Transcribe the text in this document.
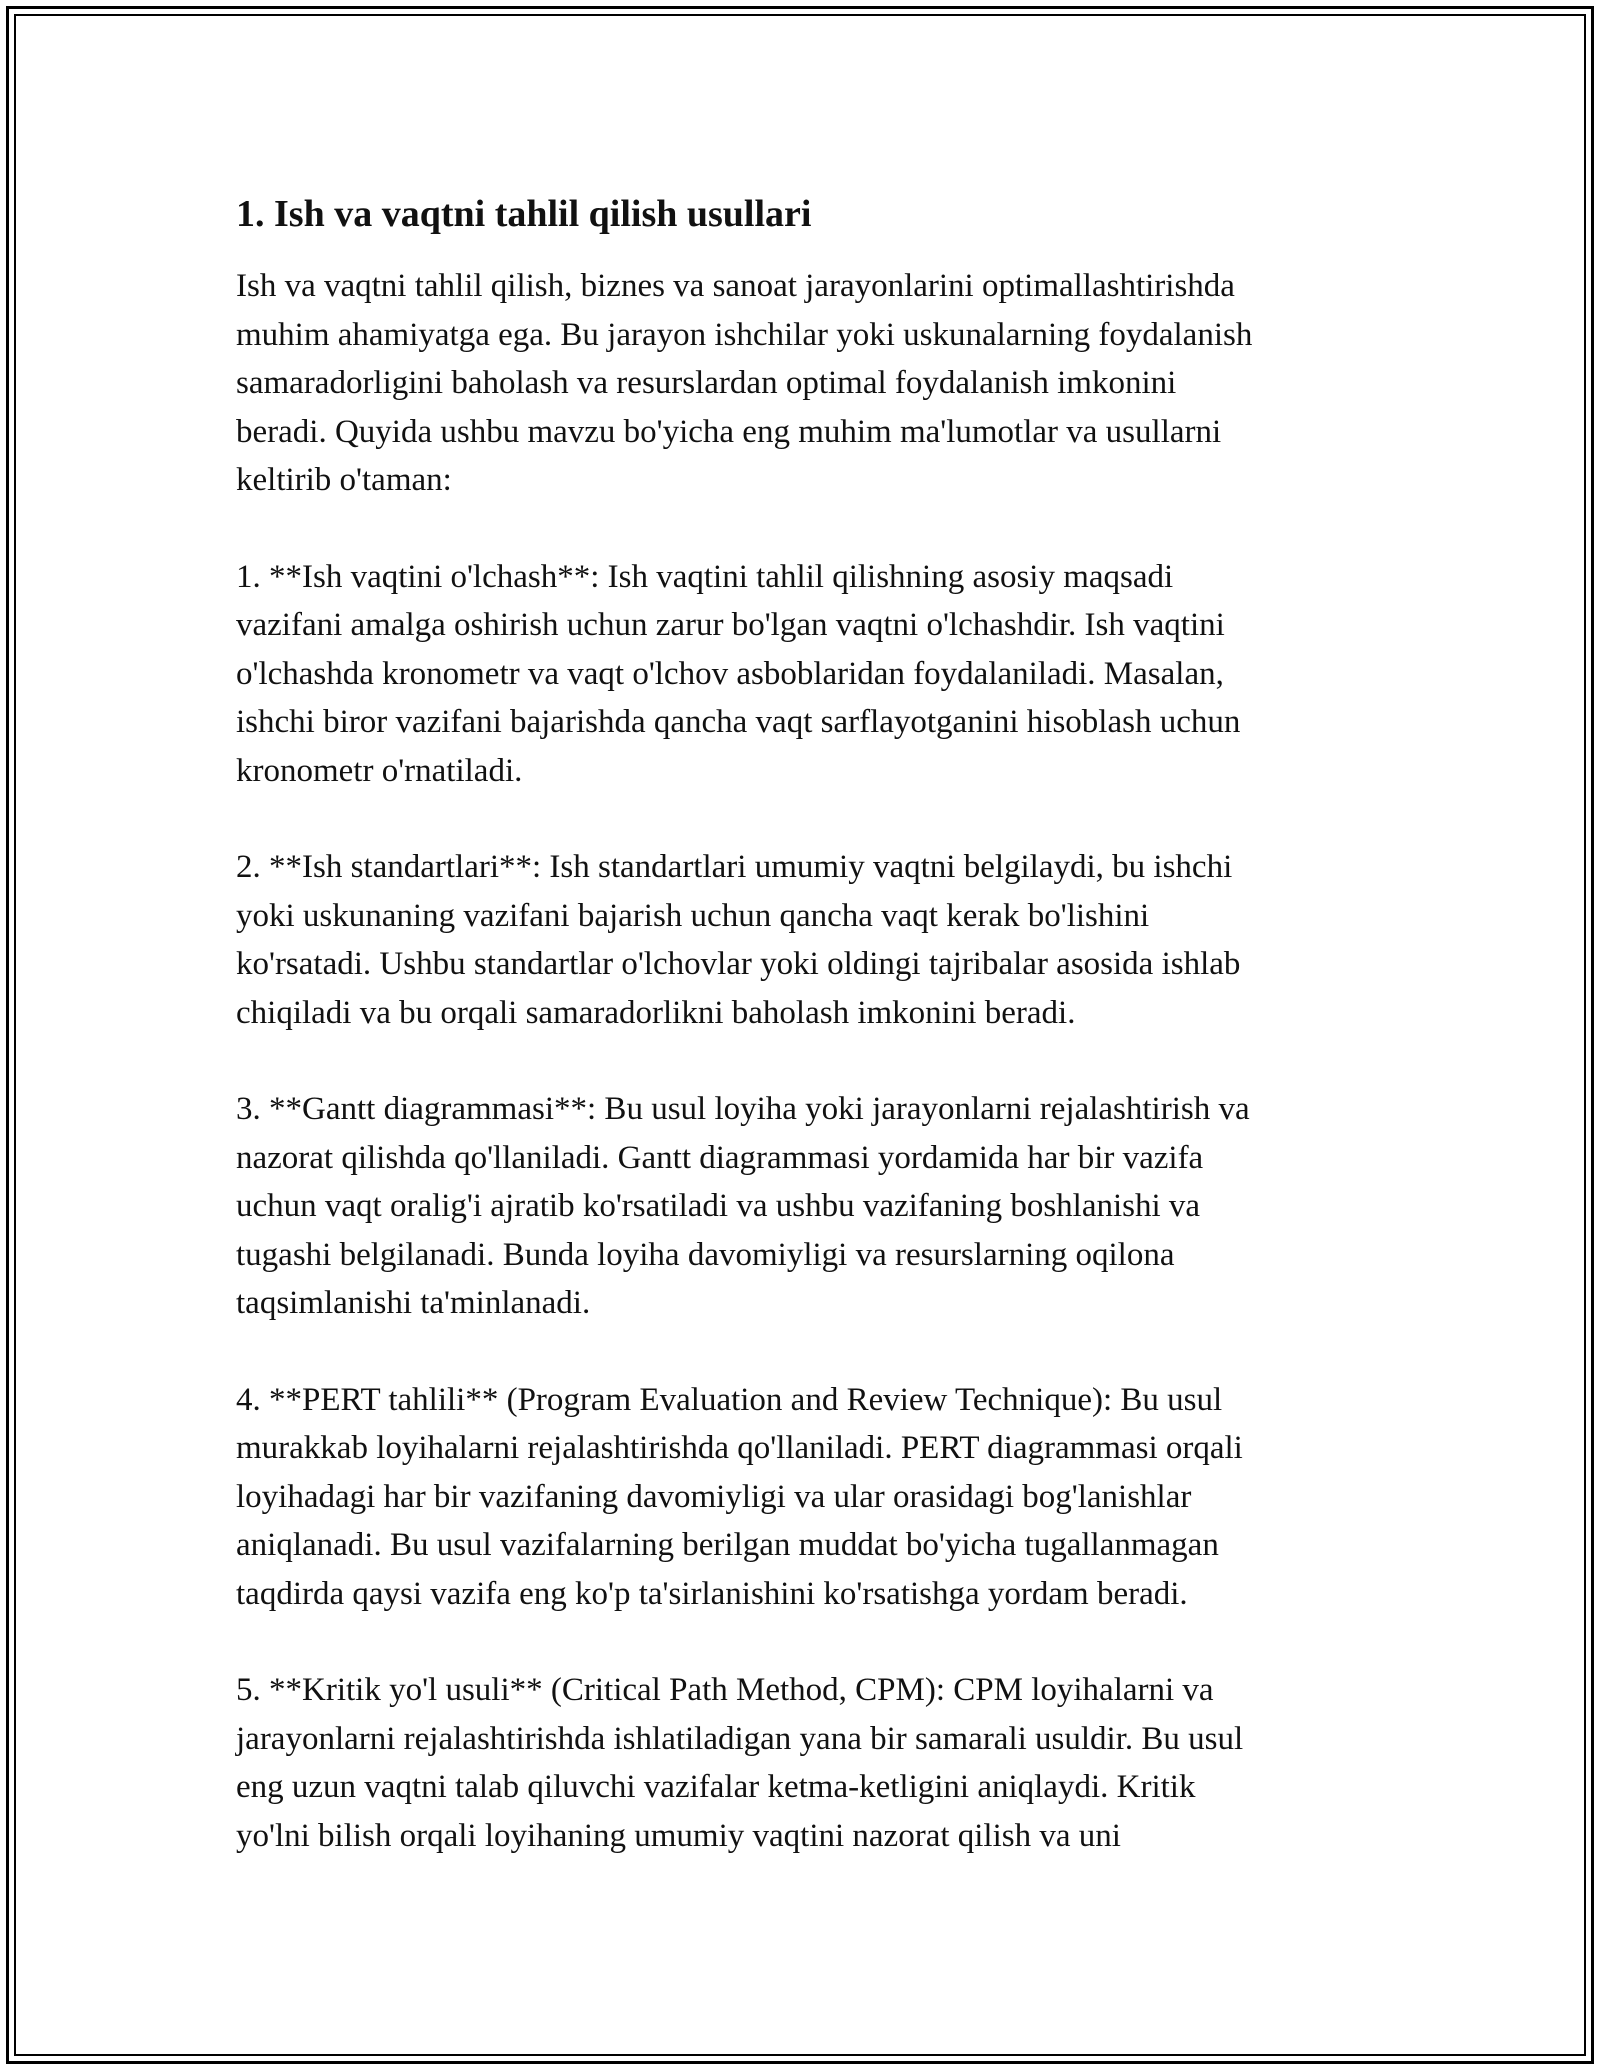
1. Ish va vaqtni tahlil qilish usullari

Ish va vaqtni tahlil qilish, biznes va sanoat jarayonlarini optimallashtirishda
muhim ahamiyatga ega. Bu jarayon ishchilar yoki uskunalarning foydalanish
samaradorligini baholash va resurslardan optimal foydalanish imkonini
beradi. Quyida ushbu mavzu bo'yicha eng muhim ma'lumotlar va usullarni
keltirib o'taman:

1. **Ish vaqtini o'lchash**: Ish vaqtini tahlil qilishning asosiy maqsadi
vazifani amalga oshirish uchun zarur bo'lgan vaqtni o'lchashdir. Ish vaqtini
o'lchashda kronometr va vaqt o'lchov asboblaridan foydalaniladi. Masalan,
ishchi biror vazifani bajarishda qancha vaqt sarflayotganini hisoblash uchun
kronometr o'rnatiladi.

2. **Ish standartlari**: Ish standartlari umumiy vaqtni belgilaydi, bu ishchi
yoki uskunaning vazifani bajarish uchun qancha vaqt kerak bo'lishini
ko'rsatadi. Ushbu standartlar o'lchovlar yoki oldingi tajribalar asosida ishlab
chiqiladi va bu orqali samaradorlikni baholash imkonini beradi.

3. **Gantt diagrammasi**: Bu usul loyiha yoki jarayonlarni rejalashtirish va
nazorat qilishda qo'llaniladi. Gantt diagrammasi yordamida har bir vazifa
uchun vaqt oralig'i ajratib ko'rsatiladi va ushbu vazifaning boshlanishi va
tugashi belgilanadi. Bunda loyiha davomiyligi va resurslarning oqilona
taqsimlanishi ta'minlanadi.

4. **PERT tahlili** (Program Evaluation and Review Technique): Bu usul
murakkab loyihalarni rejalashtirishda qo'llaniladi. PERT diagrammasi orqali
loyihadagi har bir vazifaning davomiyligi va ular orasidagi bog'lanishlar
aniqlanadi. Bu usul vazifalarning berilgan muddat bo'yicha tugallanmagan
taqdirda qaysi vazifa eng ko'p ta'sirlanishini ko'rsatishga yordam beradi.

5. **Kritik yo'l usuli** (Critical Path Method, CPM): CPM loyihalarni va
jarayonlarni rejalashtirishda ishlatiladigan yana bir samarali usuldir. Bu usul
eng uzun vaqtni talab qiluvchi vazifalar ketma-ketligini aniqlaydi. Kritik
yo'lni bilish orqali loyihaning umumiy vaqtini nazorat qilish va uni
